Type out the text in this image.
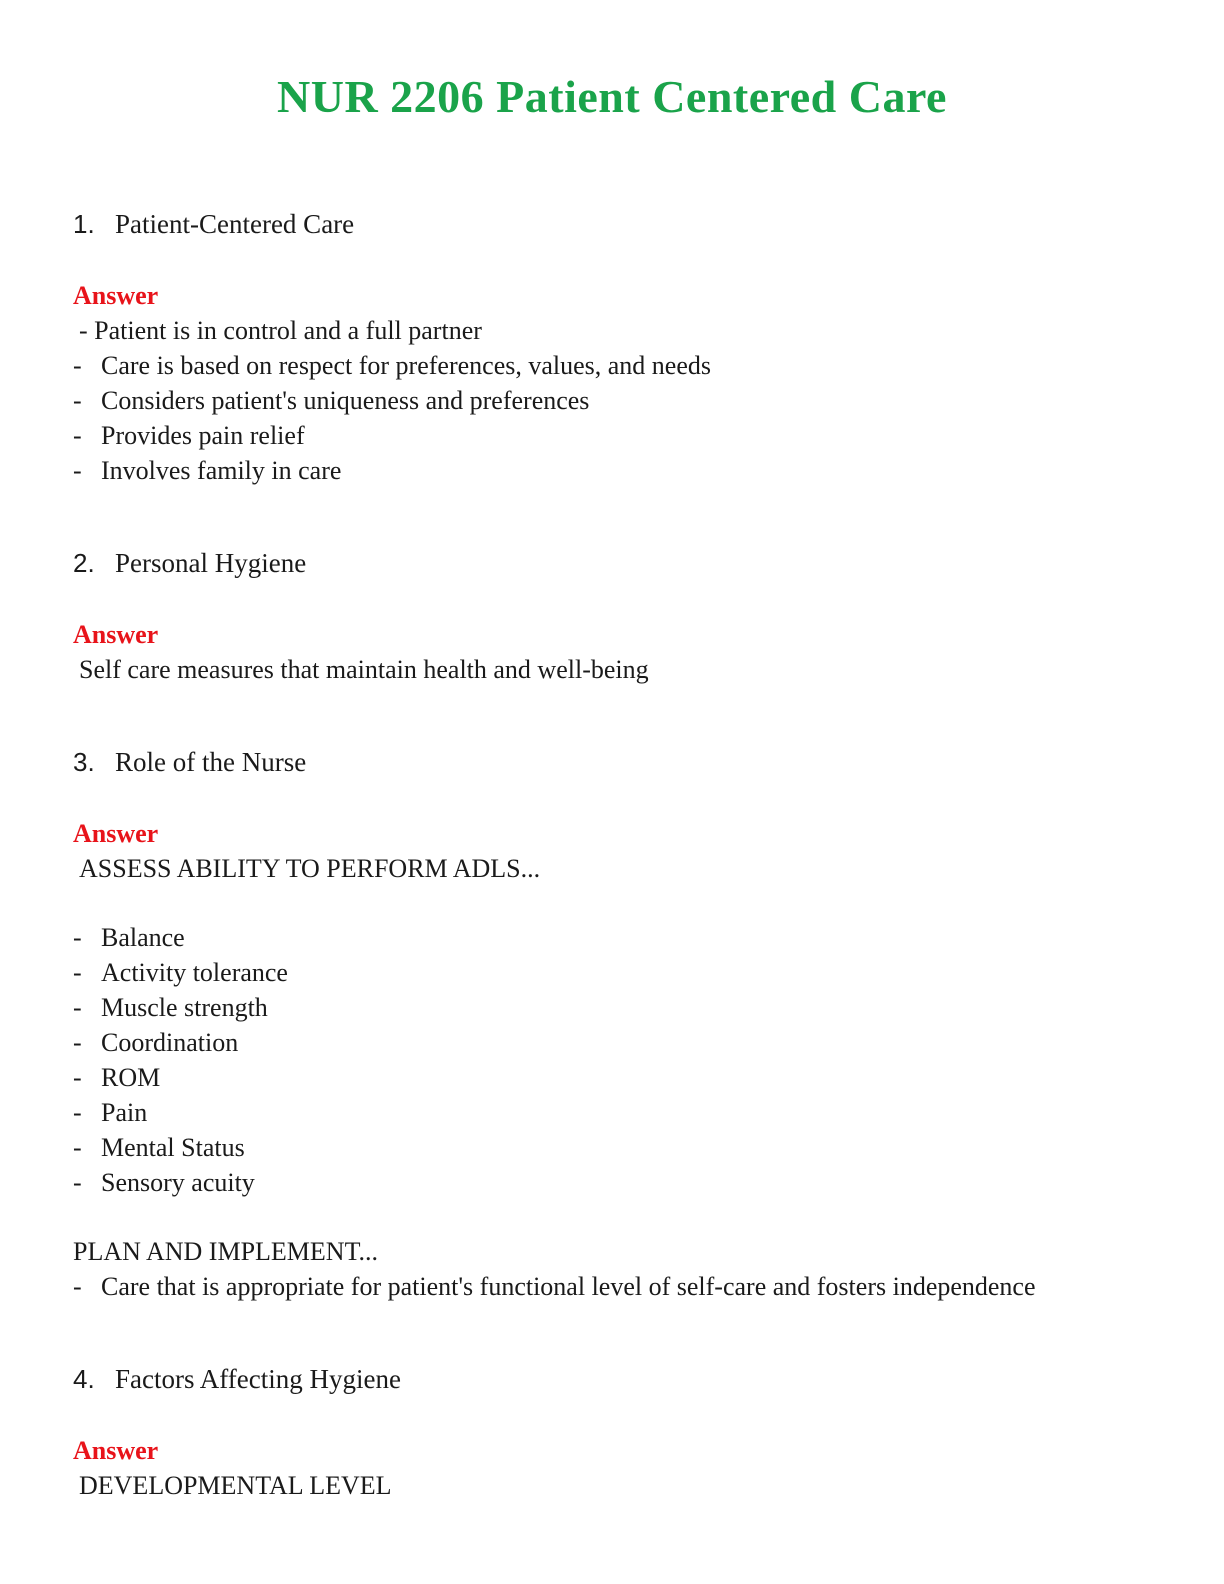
NUR 2206 Patient Centered Care
1. Patient-Centered Care
Answer
- Patient is in control and a full partner
- Care is based on respect for preferences, values, and needs
- Considers patient's uniqueness and preferences
- Provides pain relief
- Involves family in care
2. Personal Hygiene
Answer
Self care measures that maintain health and well-being
3. Role of the Nurse
Answer
ASSESS ABILITY TO PERFORM ADLS...
- Balance
- Activity tolerance
- Muscle strength
- Coordination
- ROM
- Pain
- Mental Status
- Sensory acuity
PLAN AND IMPLEMENT...
- Care that is appropriate for patient's functional level of self-care and fosters independence
4. Factors Affecting Hygiene
Answer
DEVELOPMENTAL LEVEL
